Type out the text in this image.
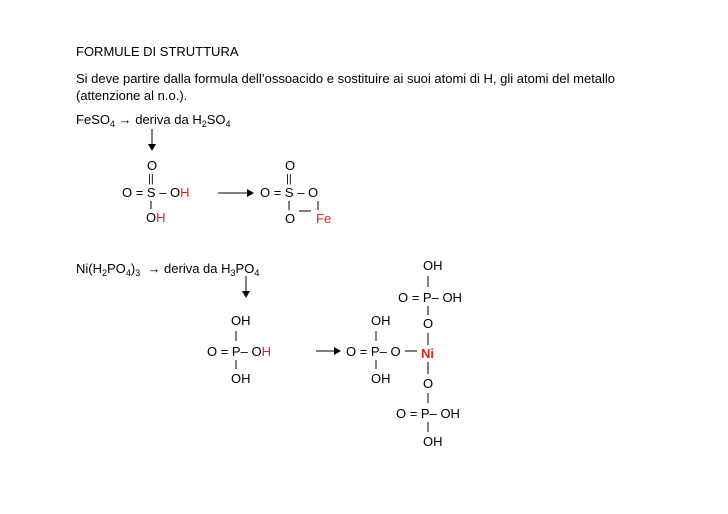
FORMULE DI STRUTTURA
Si deve partire dalla formula dell’ossoacido e sostituire ai suoi atomi di H, gli atomi del metallo
(attenzione al n.o.).
FeSO$_4$ → deriva da $H_2SO_4$
O
||
O = S – OH
OH
O
||
O = S – O
O Fe
$Ni(H_2PO_4)_3$ → deriva da $H_3PO_4$
OH
O = P– OH
OH
OH
O = P– OH
O
OH
O = P– O Ni
OH	O
O = P– OH
OH
